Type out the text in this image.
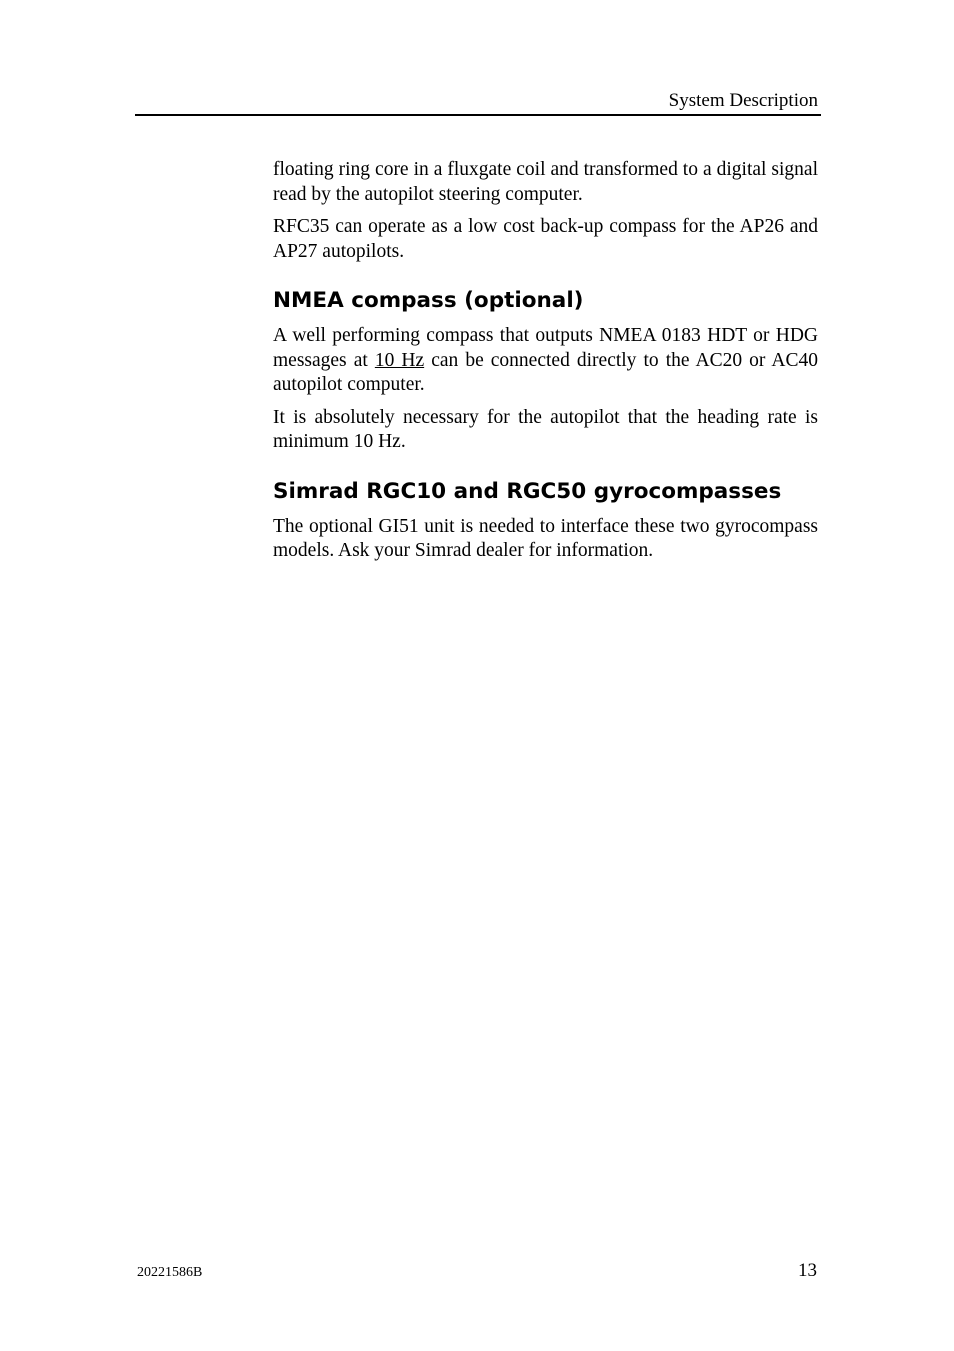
System Description

floating ring core in a fluxgate coil and transformed to a digital signal read by the autopilot steering computer.

RFC35 can operate as a low cost back-up compass for the AP26 and AP27 autopilots.

NMEA compass (optional)

A well performing compass that outputs NMEA 0183 HDT or HDG messages at 10 Hz can be connected directly to the AC20 or AC40 autopilot computer.

It is absolutely necessary for the autopilot that the heading rate is minimum 10 Hz.

Simrad RGC10 and RGC50 gyrocompasses

The optional GI51 unit is needed to interface these two gyrocompass models. Ask your Simrad dealer for information.

20221586B	13
